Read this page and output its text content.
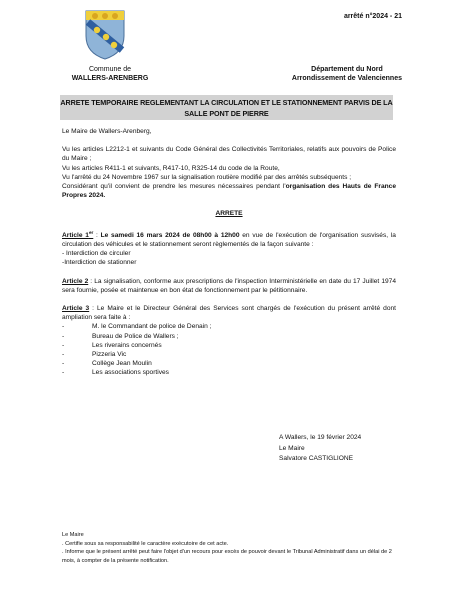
arrêté n°2024 - 21
Commune de
WALLERS-ARENBERG
Département du Nord
Arrondissement de Valenciennes
ARRETE TEMPORAIRE REGLEMENTANT LA CIRCULATION ET LE STATIONNEMENT PARVIS DE LA SALLE PONT DE PIERRE

Le Maire de Wallers-Arenberg,

Vu les articles L2212-1 et suivants du Code Général des Collectivités Territoriales, relatifs aux pouvoirs de Police du Maire ;

Vu les articles R411-1 et suivants, R417-10, R325-14 du code de la Route,

Vu l'arrêté du 24 Novembre 1967 sur la signalisation routière modifié par des arrêtés subséquents ;

Considérant qu'il convient de prendre les mesures nécessaires pendant l'organisation des Hauts de France Propres 2024.

ARRETE

Article 1er : Le samedi 16 mars 2024 de 08h00 à 12h00 en vue de l'exécution de l'organisation susvisés, la circulation des véhicules et le stationnement seront règlementés de la façon suivante :

- Interdiction de circuler

-Interdiction de stationner

Article 2 : La signalisation, conforme aux prescriptions de l'inspection Interministérielle en date du 17 Juillet 1974 sera fournie, posée et maintenue en bon état de fonctionnement par le pétitionnaire.

Article 3 : Le Maire et le Directeur Général des Services sont chargés de l'exécution du présent arrêté dont ampliation sera faite à :

- M. le Commandant de police de Denain ;
- Bureau de Police de Wallers ;
- Les riverains concernés
- Pizzeria Vic
- Collège Jean Moulin
- Les associations sportives
A Wallers, le 19 février 2024
Le Maire
Salvatore CASTIGLIONE
Le Maire
. Certifie sous sa responsabilité le caractère exécutoire de cet acte.
. Informe que le présent arrêté peut faire l'objet d'un recours pour excès de pouvoir devant le Tribunal Administratif dans un délai de 2 mois, à compter de la présente notification.
